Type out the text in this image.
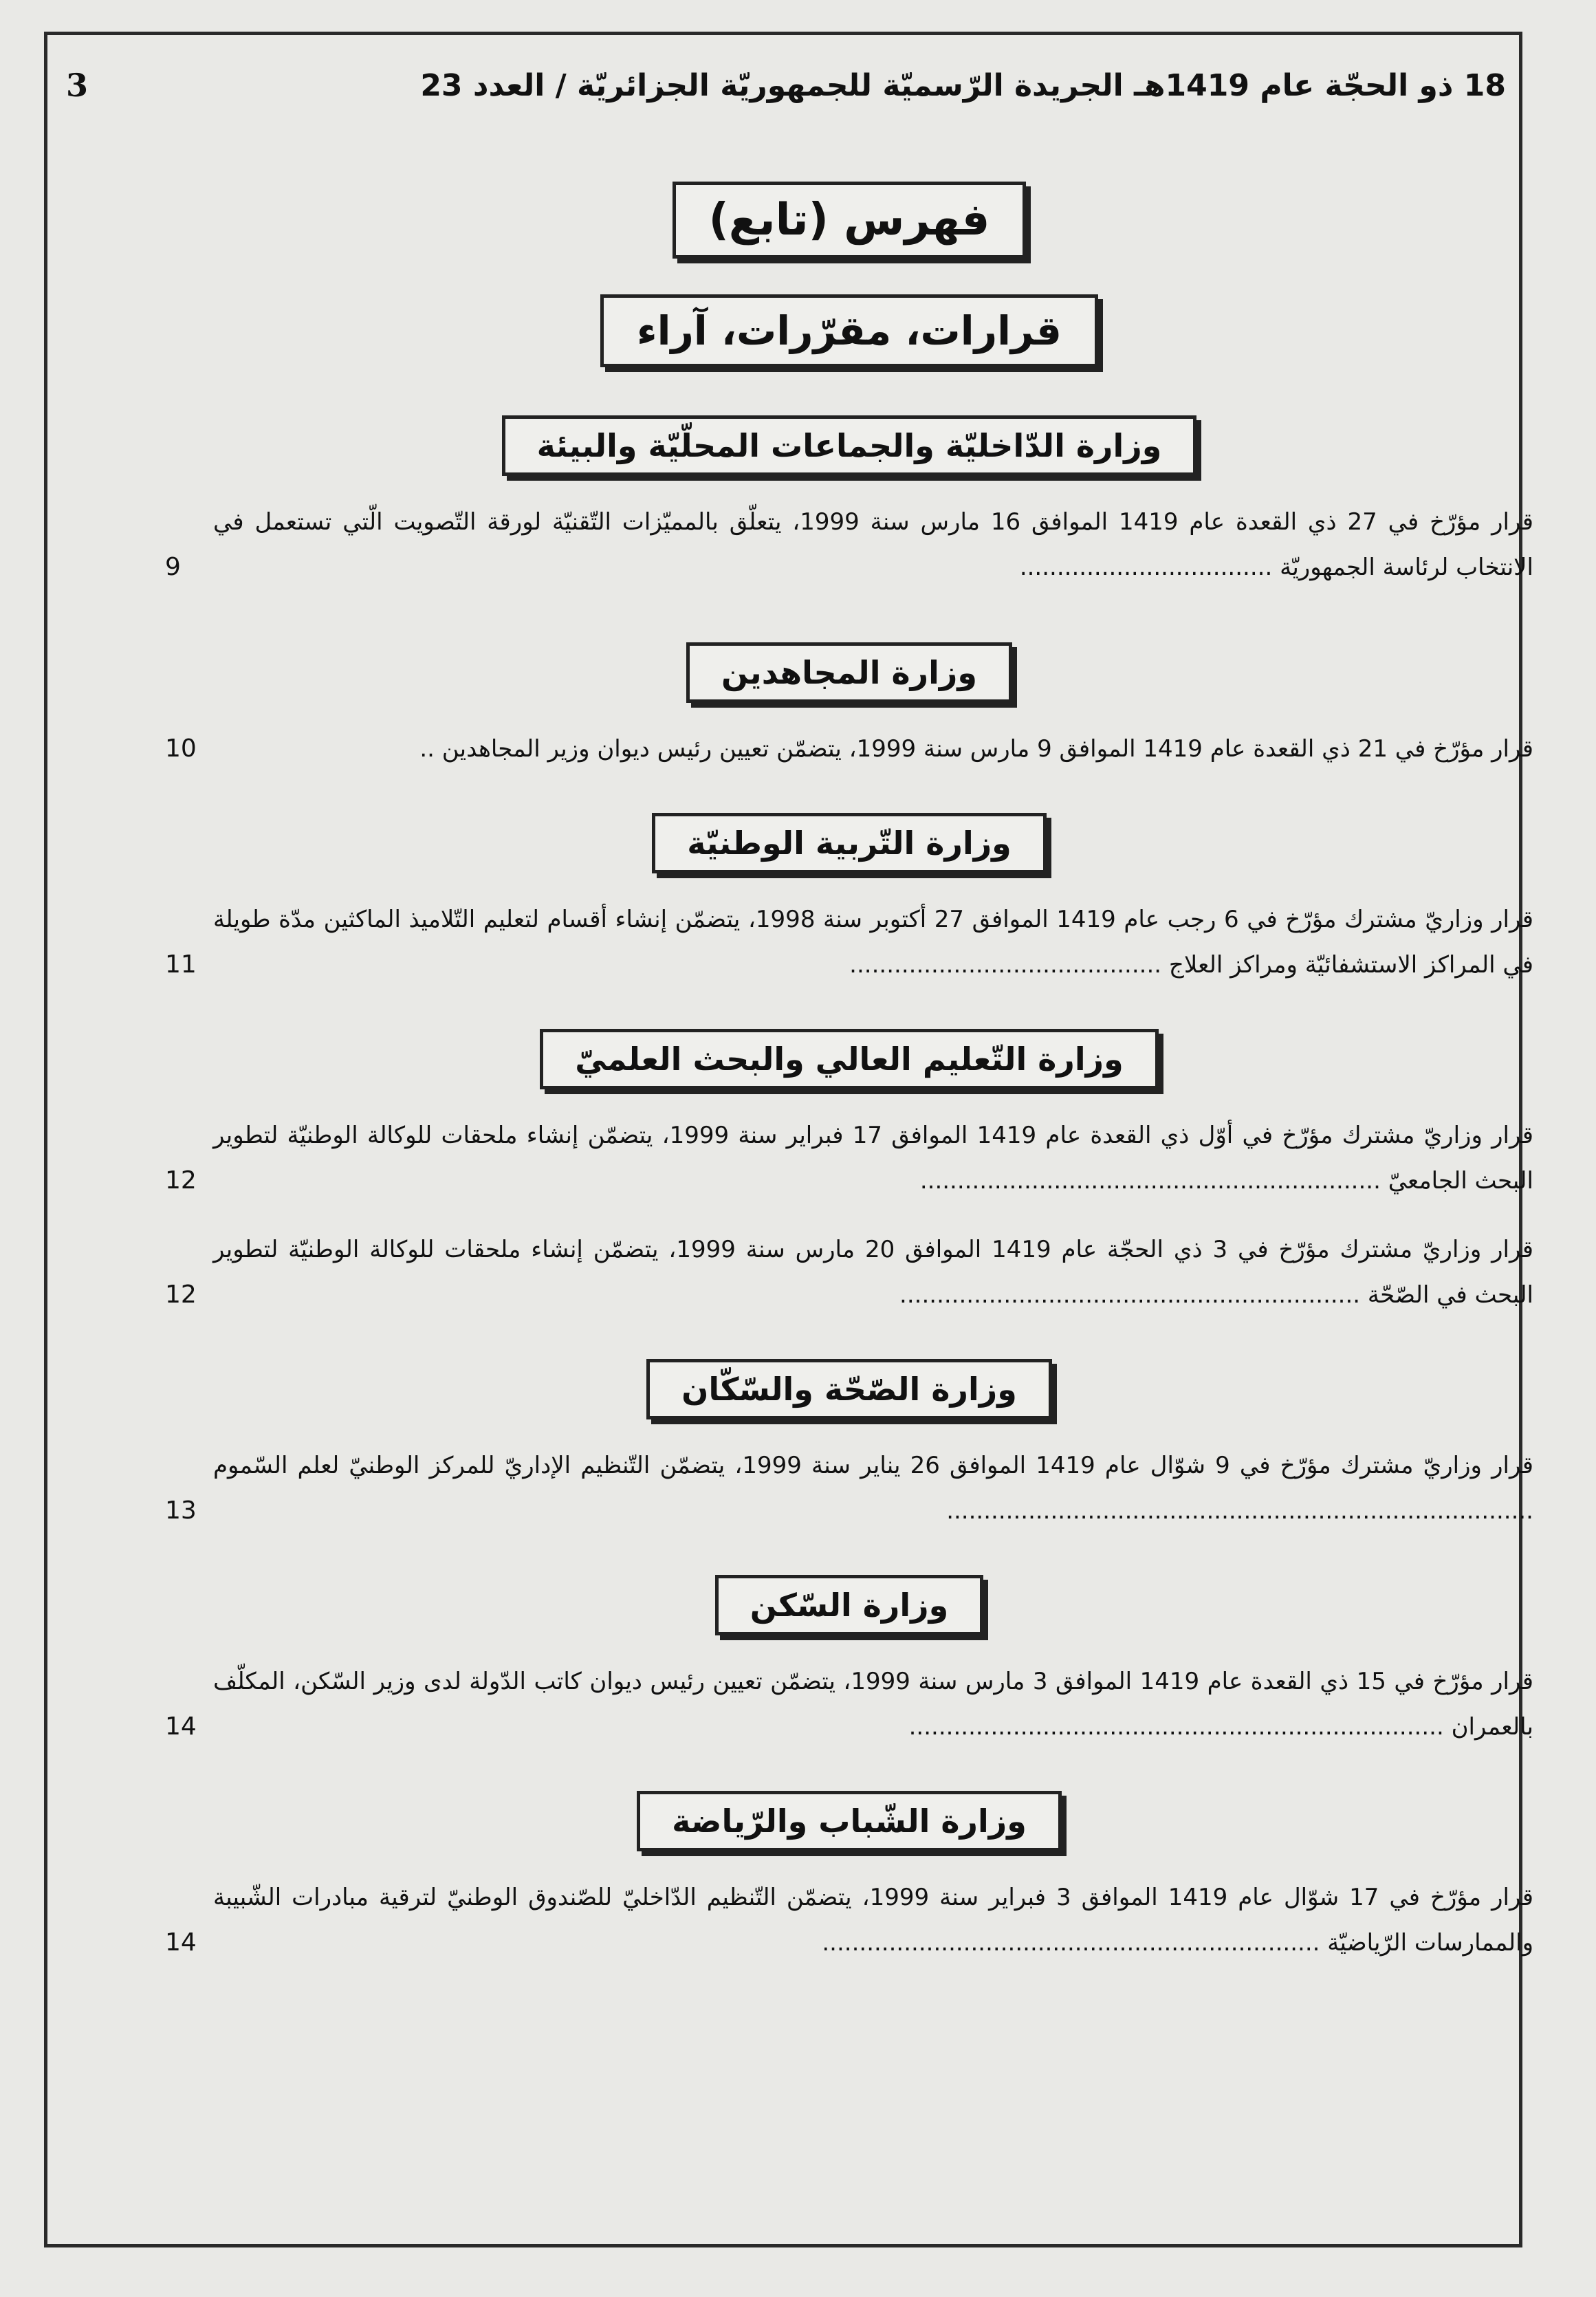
3	18 ذو الحجّة عام 1419هـ الجريدة الرّسميّة للجمهوريّة الجزائريّة / العدد 23
فهرس (تابع)
قرارات، مقرّرات، آراء
وزارة الدّاخليّة والجماعات المحلّيّة والبيئة
قرار مؤرّخ في 27 ذي القعدة عام 1419 الموافق 16 مارس سنة 1999، يتعلّق بالمميّزات التّقنيّة لورقة التّصويت الّتي تستعمل في الانتخاب لرئاسة الجمهوريّة ..................................
9
وزارة المجاهدين
قرار مؤرّخ في 21 ذي القعدة عام 1419 الموافق 9 مارس سنة 1999، يتضمّن تعيين رئيس ديوان وزير المجاهدين ..
10
وزارة التّربية الوطنيّة
قرار وزاريّ مشترك مؤرّخ في 6 رجب عام 1419 الموافق 27 أكتوبر سنة 1998، يتضمّن إنشاء أقسام لتعليم التّلاميذ الماكثين مدّة طويلة في المراكز الاستشفائيّة ومراكز العلاج ..........................................
11
وزارة التّعليم العالي والبحث العلميّ
قرار وزاريّ مشترك مؤرّخ في أوّل ذي القعدة عام 1419 الموافق 17 فبراير سنة 1999، يتضمّن إنشاء ملحقات للوكالة الوطنيّة لتطوير البحث الجامعيّ ..............................................................
12
قرار وزاريّ مشترك مؤرّخ في 3 ذي الحجّة عام 1419 الموافق 20 مارس سنة 1999، يتضمّن إنشاء ملحقات للوكالة الوطنيّة لتطوير البحث في الصّحّة ..............................................................
12
وزارة الصّحّة والسّكّان
قرار وزاريّ مشترك مؤرّخ في 9 شوّال عام 1419 الموافق 26 يناير سنة 1999، يتضمّن التّنظيم الإداريّ للمركز الوطنيّ لعلم السّموم ...............................................................................
13
وزارة السّكن
قرار مؤرّخ في 15 ذي القعدة عام 1419 الموافق 3 مارس سنة 1999، يتضمّن تعيين رئيس ديوان كاتب الدّولة لدى وزير السّكن، المكلّف بالعمران ........................................................................
14
وزارة الشّباب والرّياضة
قرار مؤرّخ في 17 شوّال عام 1419 الموافق 3 فبراير سنة 1999، يتضمّن التّنظيم الدّاخليّ للصّندوق الوطنيّ لترقية مبادرات الشّبيبة والممارسات الرّياضيّة ...................................................................
14
